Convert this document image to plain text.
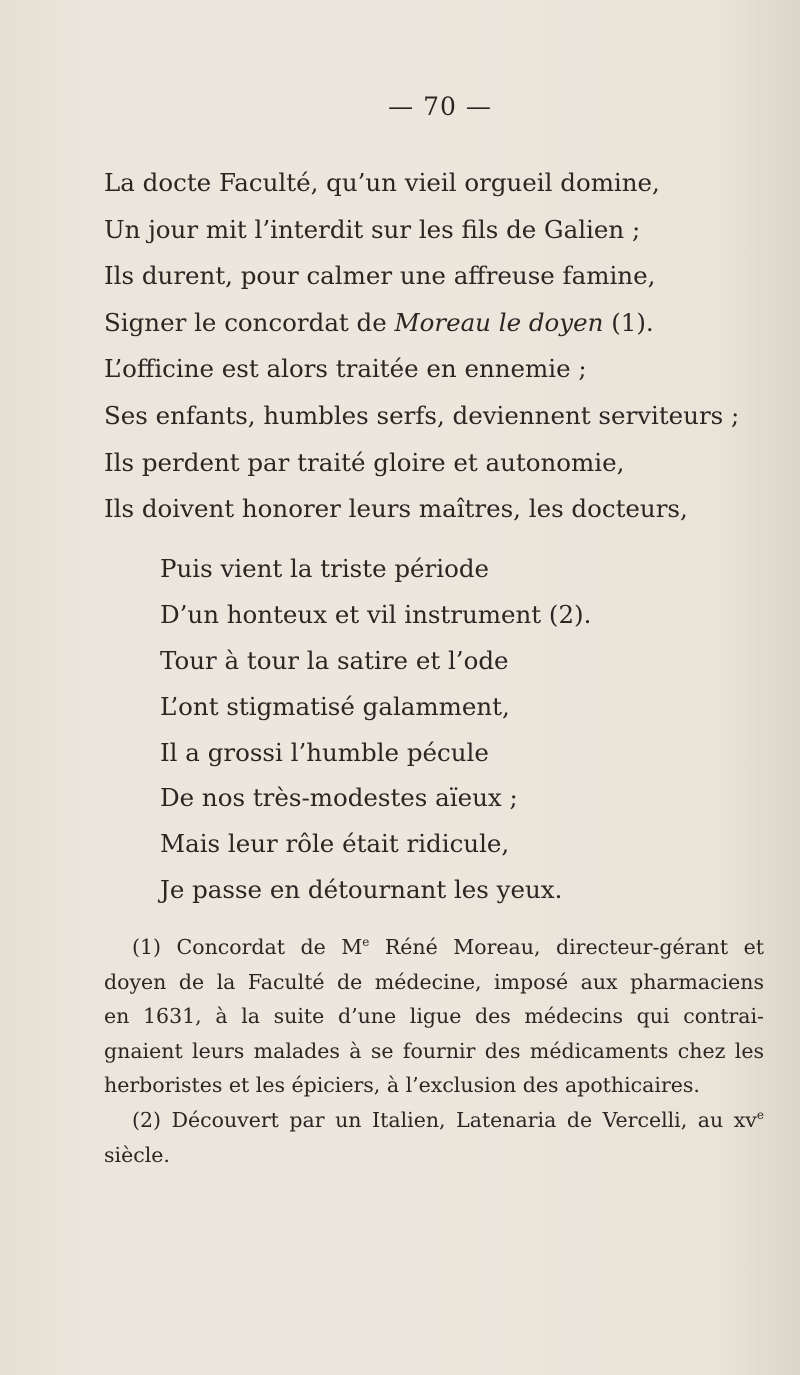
— 70 —
La docte Faculté, qu’un vieil orgueil domine,
Un jour mit l’interdit sur les fils de Galien ;
Ils durent, pour calmer une affreuse famine,
Signer le concordat de Moreau le doyen (1).
L’officine est alors traitée en ennemie ;
Ses enfants, humbles serfs, deviennent serviteurs ;
Ils perdent par traité gloire et autonomie,
Ils doivent honorer leurs maîtres, les docteurs,
Puis vient la triste période
D’un honteux et vil instrument (2).
Tour à tour la satire et l’ode
L’ont stigmatisé galamment,
Il a grossi l’humble pécule
De nos très-modestes aïeux ;
Mais leur rôle était ridicule,
Je passe en détournant les yeux.
(1) Concordat de Me Réné Moreau, directeur-gérant et
doyen de la Faculté de médecine, imposé aux pharmaciens
en 1631, à la suite d’une ligue des médecins qui contrai-
gnaient leurs malades à se fournir des médicaments chez les
herboristes et les épiciers, à l’exclusion des apothicaires.
(2) Découvert par un Italien, Latenaria de Vercelli, au $xv^e$
siècle.
